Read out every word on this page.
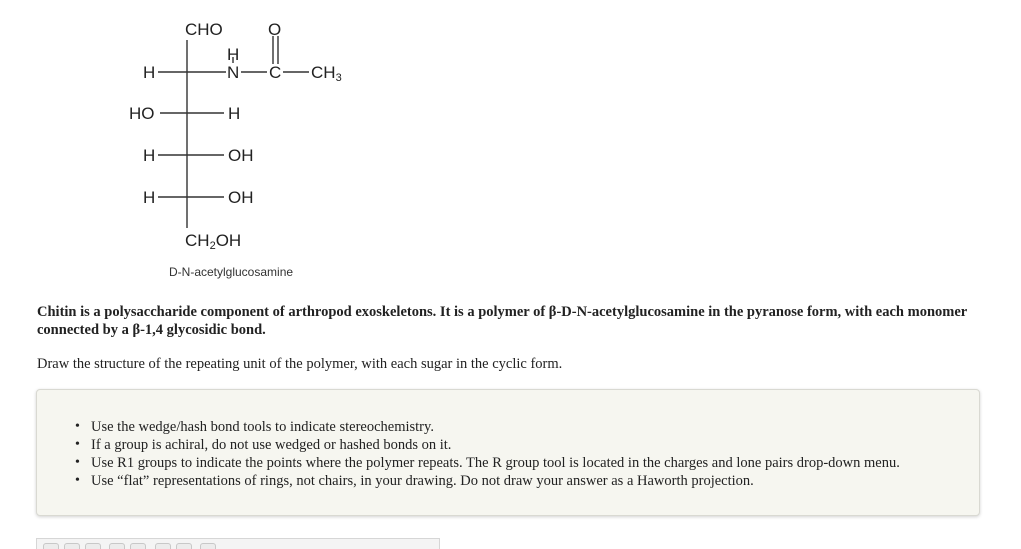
CHO	O
H
H	N C $CH_3$
HO	H
H	OH
H	OH
$CH_2OH$
D-N-acetylglucosamine
Chitin is a polysaccharide component of arthropod exoskeletons. It is a polymer of β-D-N-acetylglucosamine in the pyranose form, with each monomer connected by a β-1,4 glycosidic bond.
Draw the structure of the repeating unit of the polymer, with each sugar in the cyclic form.
• Use the wedge/hash bond tools to indicate stereochemistry.
• If a group is achiral, do not use wedged or hashed bonds on it.
• Use R1 groups to indicate the points where the polymer repeats. The R group tool is located in the charges and lone pairs drop-down menu.
• Use “flat” representations of rings, not chairs, in your drawing. Do not draw your answer as a Haworth projection.
